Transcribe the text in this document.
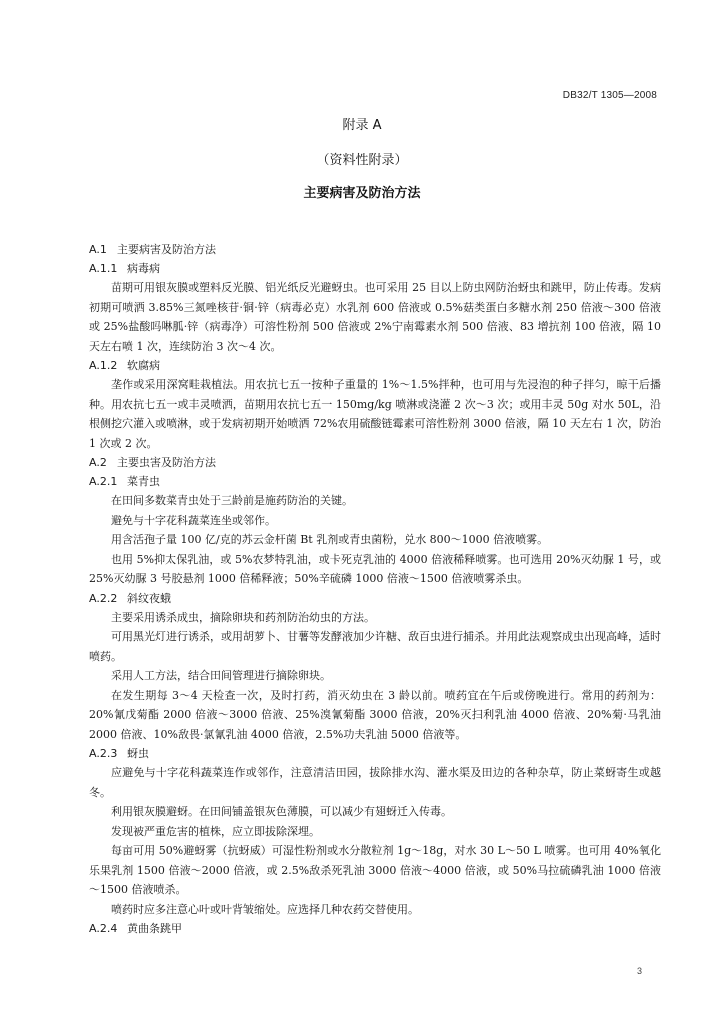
DB32/T 1305—2008
附录 A
（资料性附录）
主要病害及防治方法
A.1 主要病害及防治方法
A.1.1 病毒病

苗期可用银灰膜或塑料反光膜、铝光纸反光避蚜虫。也可采用 25 目以上防虫网防治蚜虫和跳甲，防止传毒。发病初期可喷洒 3.85%三氮唑核苷·铜·锌（病毒必克）水乳剂 600 倍液或 0.5%菇类蛋白多糖水剂 250 倍液～300 倍液或 25%盐酸吗啉胍·锌（病毒净）可溶性粉剂 500 倍液或 2%宁南霉素水剂 500 倍液、83 增抗剂 100 倍液，隔 10 天左右喷 1 次，连续防治 3 次～4 次。

A.1.2 软腐病

垄作或采用深窝畦栽植法。用农抗七五一按种子重量的 1%～1.5%拌种，也可用与先浸泡的种子拌匀，晾干后播种。用农抗七五一或丰灵喷洒，苗期用农抗七五一 150mg/kg 喷淋或浇灌 2 次～3 次；或用丰灵 50g 对水 50L，沿根侧挖穴灌入或喷淋，或于发病初期开始喷洒 72%农用硫酸链霉素可溶性粉剂 3000 倍液，隔 10 天左右 1 次，防治 1 次或 2 次。

A.2 主要虫害及防治方法
A.2.1 菜青虫

在田间多数菜青虫处于三龄前是施药防治的关键。

避免与十字花科蔬菜连坐或邻作。

用含活孢子量 100 亿/克的苏云金杆菌 Bt 乳剂或青虫菌粉，兑水 800～1000 倍液喷雾。

也用 5%抑太保乳油，或 5%农梦特乳油，或卡死克乳油的 4000 倍液稀释喷雾。也可选用 20%灭幼脲 1 号，或 25%灭幼脲 3 号胶悬剂 1000 倍稀释液；50%辛硫磷 1000 倍液～1500 倍液喷雾杀虫。

A.2.2 斜纹夜蛾

主要采用诱杀成虫，摘除卵块和药剂防治幼虫的方法。

可用黑光灯进行诱杀，或用胡萝卜、甘薯等发酵液加少许糖、敌百虫进行捕杀。并用此法观察成虫出现高峰，适时喷药。

采用人工方法，结合田间管理进行摘除卵块。

在发生期每 3～4 天检查一次，及时打药，消灭幼虫在 3 龄以前。喷药宜在午后或傍晚进行。常用的药剂为：20%氰戊菊酯 2000 倍液～3000 倍液、25%溴氰菊酯 3000 倍液，20%灭扫利乳油 4000 倍液、20%菊·马乳油 2000 倍液、10%敌畏·氯氰乳油 4000 倍液，2.5%功夫乳油 5000 倍液等。

A.2.3 蚜虫

应避免与十字花科蔬菜连作或邻作，注意清洁田园，拔除排水沟、灌水渠及田边的各种杂草，防止菜蚜寄生或越冬。

利用银灰膜避蚜。在田间铺盖银灰色薄膜，可以减少有翅蚜迁入传毒。

发现被严重危害的植株，应立即拔除深埋。

每亩可用 50%避蚜雾（抗蚜威）可湿性粉剂或水分散粒剂 1g～18g，对水 30 L～50 L 喷雾。也可用 40%氧化乐果乳剂 1500 倍液～2000 倍液，或 2.5%敌杀死乳油 3000 倍液～4000 倍液，或 50%马拉硫磷乳油 1000 倍液～1500 倍液喷杀。

喷药时应多注意心叶或叶背皱缩处。应选择几种农药交替使用。

A.2.4 黄曲条跳甲
3
